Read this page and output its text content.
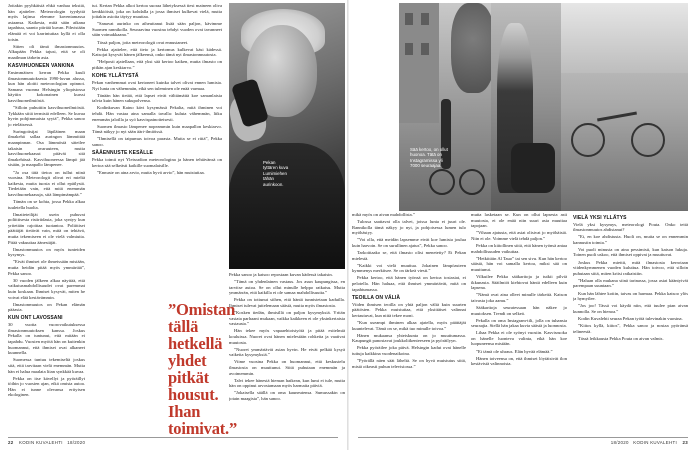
Joitakin pyyhkäisiä ehkä vanhaa tekstiä, hän ajattelee. Meteorologin tyydyttä myös lajinsa elemme kaventamassa asiaansa. Kaikesta, mitä sään aikana tapahtuu, saanto piirtää kuvan. Pihvistään elämää ei voi karrintuttaa kyllä ei olla toisin.

Sitten oli tämä ilmastonmuutos. Alkupään Pekka tajusi, että se oli maailman tärkein asia.

KASVIHUONEEN VANKINA

Ensimmäisen kerran Pekka kuuli ilmastonmuutoksesta 1990-luvun alussa, kun hän aloitti meteorologian opinnot. Samana vuonna Helsingin yliopistossa käytiin kokonainen kurssi kasvihuoneilmiöstä.

”Silloin puhuttiin kasvihuoneilmiöstä. Tykkään siitä termistä edelleen. Se kuvaa hyvin pohjimmaista syytä”, Pekka sanoo jo eteläisessä.

Suringoitsijat läpiläinen maan ilmakehä sallaa auringon lämmittää maanpinnan. Osa lämmöstä säteilee takaisin avaruuteen, mutta kasvihuonekaasut pitävät sitä ilmakehässä. Kasvihuoneessa lämpö jää sisään, ja maapallo lämpenee.

”Ja osa tätä tietoa on tullut niinä vuosina. Meteorologit olivat eri mieltä kaikesta, mutta tuosta ei ollut epäilystä. Tiedetään vain, että mitä enemmän kasvihuonekaasuja, sitä lämpimämpää.”

Tämän on se kohta, jossa Pekka alkaa tuuletella huolta.

Ilmatieteilijät usein puhuvat poliittisesta ristiriidasta, joka syntyy kun yritetään rajoittaa tuotantoa. Poliittiset päättäjät tietävät vain, mitä on tehtävä, mutta tekemiseen ei ole vielä valmiutta. Pitää vakuuttaa äänestäjät.

Ilmastonmuutos on myös tunteiden kysymys.

”Eivät ihmiset ole ihmeissään mistään, mutta heidän pitää myös ymmärtää”, Pekka sanoo.

30 vuoden jälkeen alkaa näyttää, että vaikutusmahdollisuudet ovat paremmat kuin koskaan. Ihmiset kysyvät, miten he voivat elää kestävämmin.

Ilmastonmuutos on Pekan elämän pääasia.

KUN ONT LAVOSSANI

30 vuotta vuorovaikutuksessa ilmastonmuutoksen kanssa. Joskus Pekalla on tuntunut, että mitään ei tapahdu. Vuosien myötä hän on kuitenkin huomannut, että ihmiset ovat alkaneet kuunnella.

Suomessa tuntuu tekemiseltä joskus sitä, että tarvitaan vielä enemmän. Mutta hän ei halua maalata liian synkkää kuvaa.

Pekka on itse kävellyt ja pyöräillyt töihin jo vuosien ajan, eikä omista autoa. Hän ei tunne olevansa erityisen ekologinen.

tui. Kertan Pekka alkoi kertoa suoraa lähetyksessä tiesi maineen oliva kenkkiöistä, joka on kohdalla ja jossa ihmiset kulkevat vielä, mutta joitakin asioita täytyy muuttaa.

”Sanavat aurinko on aiheuttanut lisää sään paljon, kävimme Suomen rannikolla. Seuraavina vuosina tehdyt vuoden ovat tavanneet sään voimakkaana.”

Tässä paljon, joita meteorologit ovat ennustaneet.

Pekka ajattelee, että tieto ja kertomus kulkevat käsi kädessä. Katsojat kysyvät hänen jälkeensä, onko tämä nyt ilmastonmuutosta.

”Helposti ajatellaan, että yksi sää kertoo kaiken, mutta ilmasto on pitkän ajan keskiarvo.”

KOHE YLLÄTYSTÄ

Pekan vanhemmat ovat kertoneet kuinka talvet olivat ennen lumisia. Nyt lunta on vähemmän, eikä sen tuleminen ole enää varmaa.

Tänään hän tietää, että lapset eivät välttämättä koe samanlaisia talvia kuin hänen sukupolvensa.

Kodinkuvan Kaino kävi kysymässä Pekalta, mitä ihminen voi tehdä. Hän vastaa aina samalla tavalla: kuluta vähemmän, liiku enemmän jaloilla ja syö kasvispainotteisesti.

Suomen ilmasto lämpenee nopeammin kuin maapallon keskiarvo. Tämä näkyy jo nyt sään ääri-ilmiöissä.

”Ihmisellä on taipumus toivoa parasta. Mutta se ei riitä”, Pekka sanoo.

SÄÄENNUSTE KESÄLLE

Pekka toimii nyt Yleisradion meteorologina ja hänen tehtävänsä on kertoa sää selkeästi kaikille suomalaisille.

”Ennuste on aina arvio, mutta hyvä arvio”, hän muistuttaa.

Pekan tyttären kuva Lumimiehen tähän aurinkoon.

Pekka sanoo ja katsoo repostaan kuvan kädessä takaisin.

”Tämä on yhdenlainen vastaus. Jos asun kaupungissa, en tarvitse autoa. Se on ollut minulle helppo ratkaisu. Mutta ymmärrän, että kaikilla ei ole samaa mahdollisuutta.”

Pekka on tottunut siihen, että häntä tunnistetaan kaduilla. Ihmiset tulevat juttelemaan säästä, mutta myös ilmastosta.

”Kosken tiedän, ihmisillä on paljon kysymyksiä. Yritän vastata parhaani mukaan, vaikka kaikkeen ei ole yksinkertaista vastausta.”

Hän tekee myös vapaaehtoistyötä ja pitää esitelmiä kouluissa. Nuoret ovat hänen mielestään rohkeita ja vaativat muutosta.

”Nuoret ymmärtävät asian hyvin. He eivät pelkää kysyä vaikeita kysymyksiä.”

Viime vuosina Pekka on huomannut, että keskustelu ilmastosta on muuttunut. Siitä puhutaan enemmän ja avoimemmin.

Talvi tekee hänestä hieman haikean, kun lumi ei tule, mutta hän on oppinut arvostamaan myös harmaita päiviä.

”Jokaisella säällä on oma kauneutensa. Sumussakin on jotain maagista”, hän sanoo.

”Omistan tällä hetkellä yhdet pitkät housut. Ihan toimivat.”

mikä myös on aivan mahdollista.”

Tulossa saattavat olla talvet, joissa lunta ei juuri ole. Rannikolla tämä näkyy jo nyt, ja pohjoisessa lumen tulo myöhästyy.

”Voi olla, että meidän lapsemme eivät koe lumista joulua kuin harvoin. Se on surullinen ajatus”, Pekka sanoo.

Tarkoittaako se, että ilmasto olisi menetetty? Ei Pekan mielestä.

”Kaikki voi vielä muuttua. Jokainen lämpöasteen kymmenys merkitsee. Se on tärkeä viesti.”

Pekka kertoo, että hänen työnsä on kertoa tosiasiat, ei pelotella. Hän haluaa, että ihmiset ymmärtävät, mitä on tapahtumassa.

TEOILLA ON VÄLIÄ

Viiden ihmisen teoilla on yhtä paljon väliä kuin suurten päätösten. Pekka muistuttaa, että yksittäiset valinnat kertautuvat, kun niitä tekee moni.

”Kun useampi ihminen alkaa ajatella, myös päättäjät kuuntelevat. Tämä on se, mikä tuo minulle toivoa.”

Hänen mukaansa yhteiskunta on jo muuttumassa. Kaupungit panostavat joukkoliikenteeseen ja pyöräilyyn.

Pekka pyöräilee joka päivä. Helsingin kadut ovat hänelle tuttuja kaikkina vuodenaikoina.

”Pyörällä näen säät läheltä. Se on hyvä muistutus siitä, mistä oikeasti puhun televisiossa.”

Sää kertoo, on ollut huonoa. Tätä on Instagramissa yli 7000 seuraajaa.

mutta lasketaan se. Kun on ollut lapsesta asti muutosta, ei ole enää niin suuri asia muuttaa tapojaan.

”Vihaan ajatusta, että asiat olisivat jo myöhäisiä. Niin ei ole. Voimme vielä tehdä paljon.”

Pekka on kiitollinen siitä, että hänen työnsä antaa mahdollisuuden vaikuttaa.

”Hetkittäin Al Tauo” tai sen sivu. Kun hän kertoo säästä, hän voi samalla kertoa, miksi sää on muuttunut.

Vilkuilee Pekka sääkarttoja ja tutkii pilviä ikkunasta. Sääilmiöt kiehtovat häntä edelleen kuin lapsena.

”Nämä ovat aina olleet minulle tärkeitä. Katson taivasta joka aamu.”

Sääkarttoja seuratessaan hän näkee jo muutoksen. Trendi on selkeä.

Pekalla on oma Instagram-tili, jolla on tuhansia seuraajia. Siellä hän jakaa kuvia säästä ja luonnosta.

Lihaa Pekka ei ole syönyt vuosiin. Kasvisruoka on hänelle luonteva valinta, eikä hän koe luopuneensa mistään.

”Ei tämä ole uhraus. Elän hyvää elämää.”

Hänen toiveensa on, että ihmiset löytäisivät ilon kestävistä valinnoista.

VIELÄ YKSI YLLÄTYS

Vielä yksi kysymys, meteorologi Pouta. Onko teitä ilmastonmuutos ahdistanut?

”Ei, en koe ahdistusta. Huoli on, mutta se on ennemmin kannustin toimia.”

Voi puoli minusta on aina pessimisti, kun katson lukuja. Toinen puoli uskoo, että ihmiset oppivat ja muuttuvat.

Joskus Pekka miettii, mitä ilmastosta kerrotaan viidenkymmenen vuoden kuluttua. Hän toivoo, että silloin puhutaan siitä, miten kriisi ratkaistiin.

”Haluan olla mukana siinä tarinassa, jossa asiat kääntyivät parempaan suuntaan.”

Kun hän lähtee kotiin, taivas on harmaa. Pekka katsoo ylös ja hymyilee.

”Jos joo! Tässä voi käydä niin, että tuulee pian aivan kunnolla. Se on hienoa.”

Kodin Kuvalehti seuraa Pekan työtä tulevinakin vuosina.

”Kiitos kyllä, kiitos”, Pekka sanoo ja nostaa pyöränsä telineestä.

Tässä leikkausta Pekka Pouta on aivan valmis.

22 KODIN KUVALEHTI 18/2020	18/2020 KODIN KUVALEHTI 23
